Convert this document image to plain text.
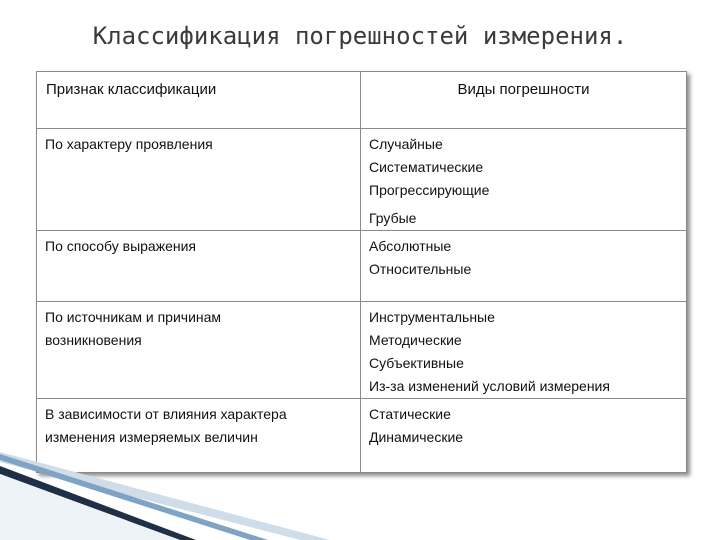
Классификация погрешностей измерения.
Признак классификации	Виды погрешности

По характеру проявления	Случайные
Систематические
Прогрессирующие
Грубые

По способу выражения	Абсолютные
Относительные

По источникам и причинам
возникновения	Инструментальные
Методические
Субъективные
Из-за изменений условий измерения

В зависимости от влияния характера
изменения измеряемых величин	Статические
Динамические
